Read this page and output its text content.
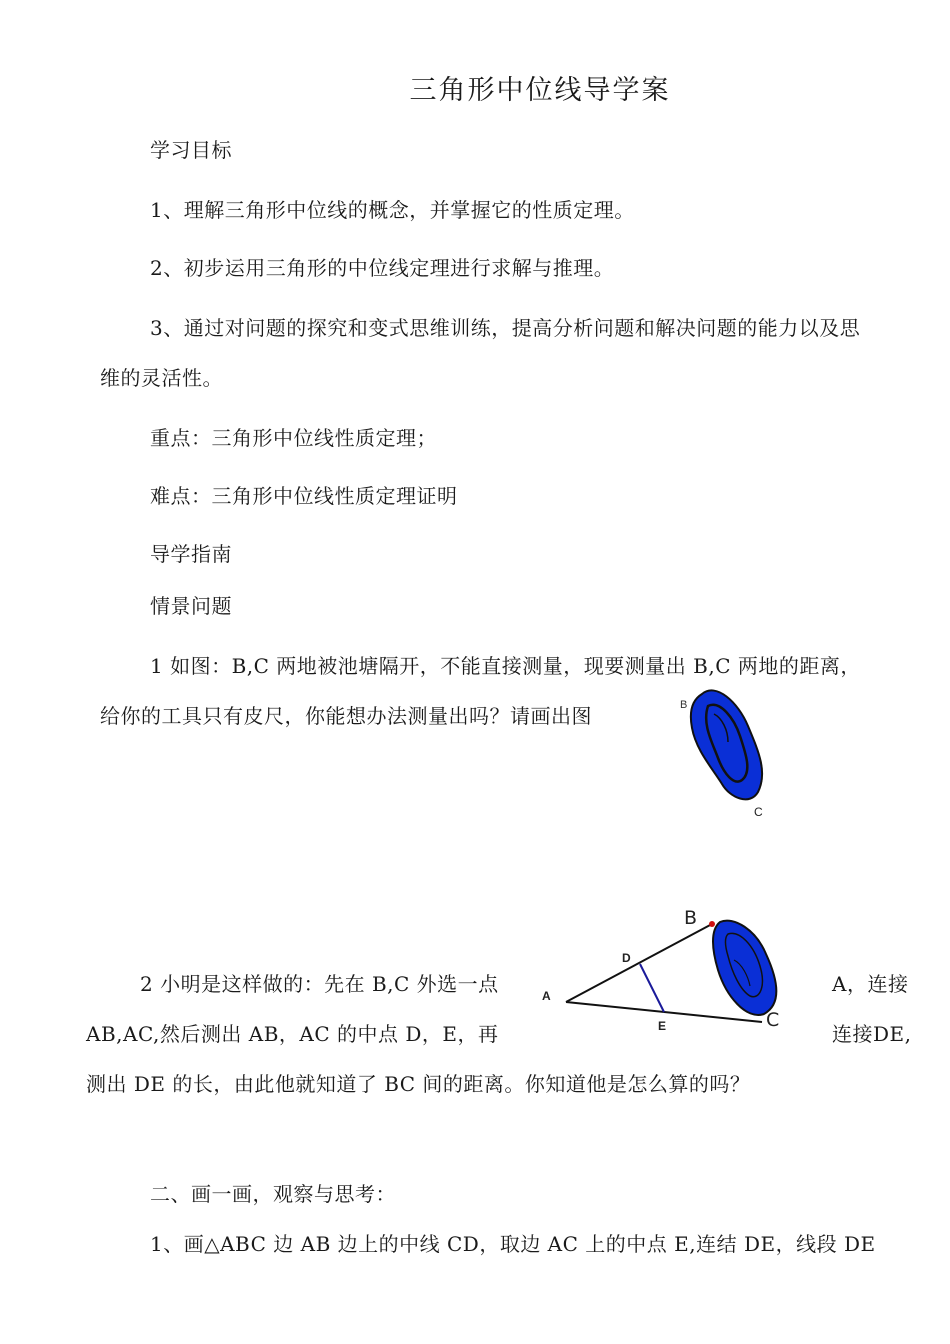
三角形中位线导学案
学习目标
1、理解三角形中位线的概念，并掌握它的性质定理。
2、初步运用三角形的中位线定理进行求解与推理。
3、通过对问题的探究和变式思维训练，提高分析问题和解决问题的能力以及思
维的灵活性。
重点：三角形中位线性质定理；
难点：三角形中位线性质定理证明
导学指南
情景问题
1 如图：B,C 两地被池塘隔开，不能直接测量，现要测量出 B,C 两地的距离，
给你的工具只有皮尺，你能想办法测量出吗？请画出图	B
C
2 小明是这样做的：先在 B,C 外选一点	A，连接
AB,AC,然后测出 AB，AC 的中点 D，E，再	连接DE,
测出 DE 的长，由此他就知道了 BC 间的距离。你知道他是怎么算的吗？
A
B
C
D
E
二、画一画，观察与思考：
1、画△ABC 边 AB 边上的中线 CD，取边 AC 上的中点 E,连结 DE，线段 DE
